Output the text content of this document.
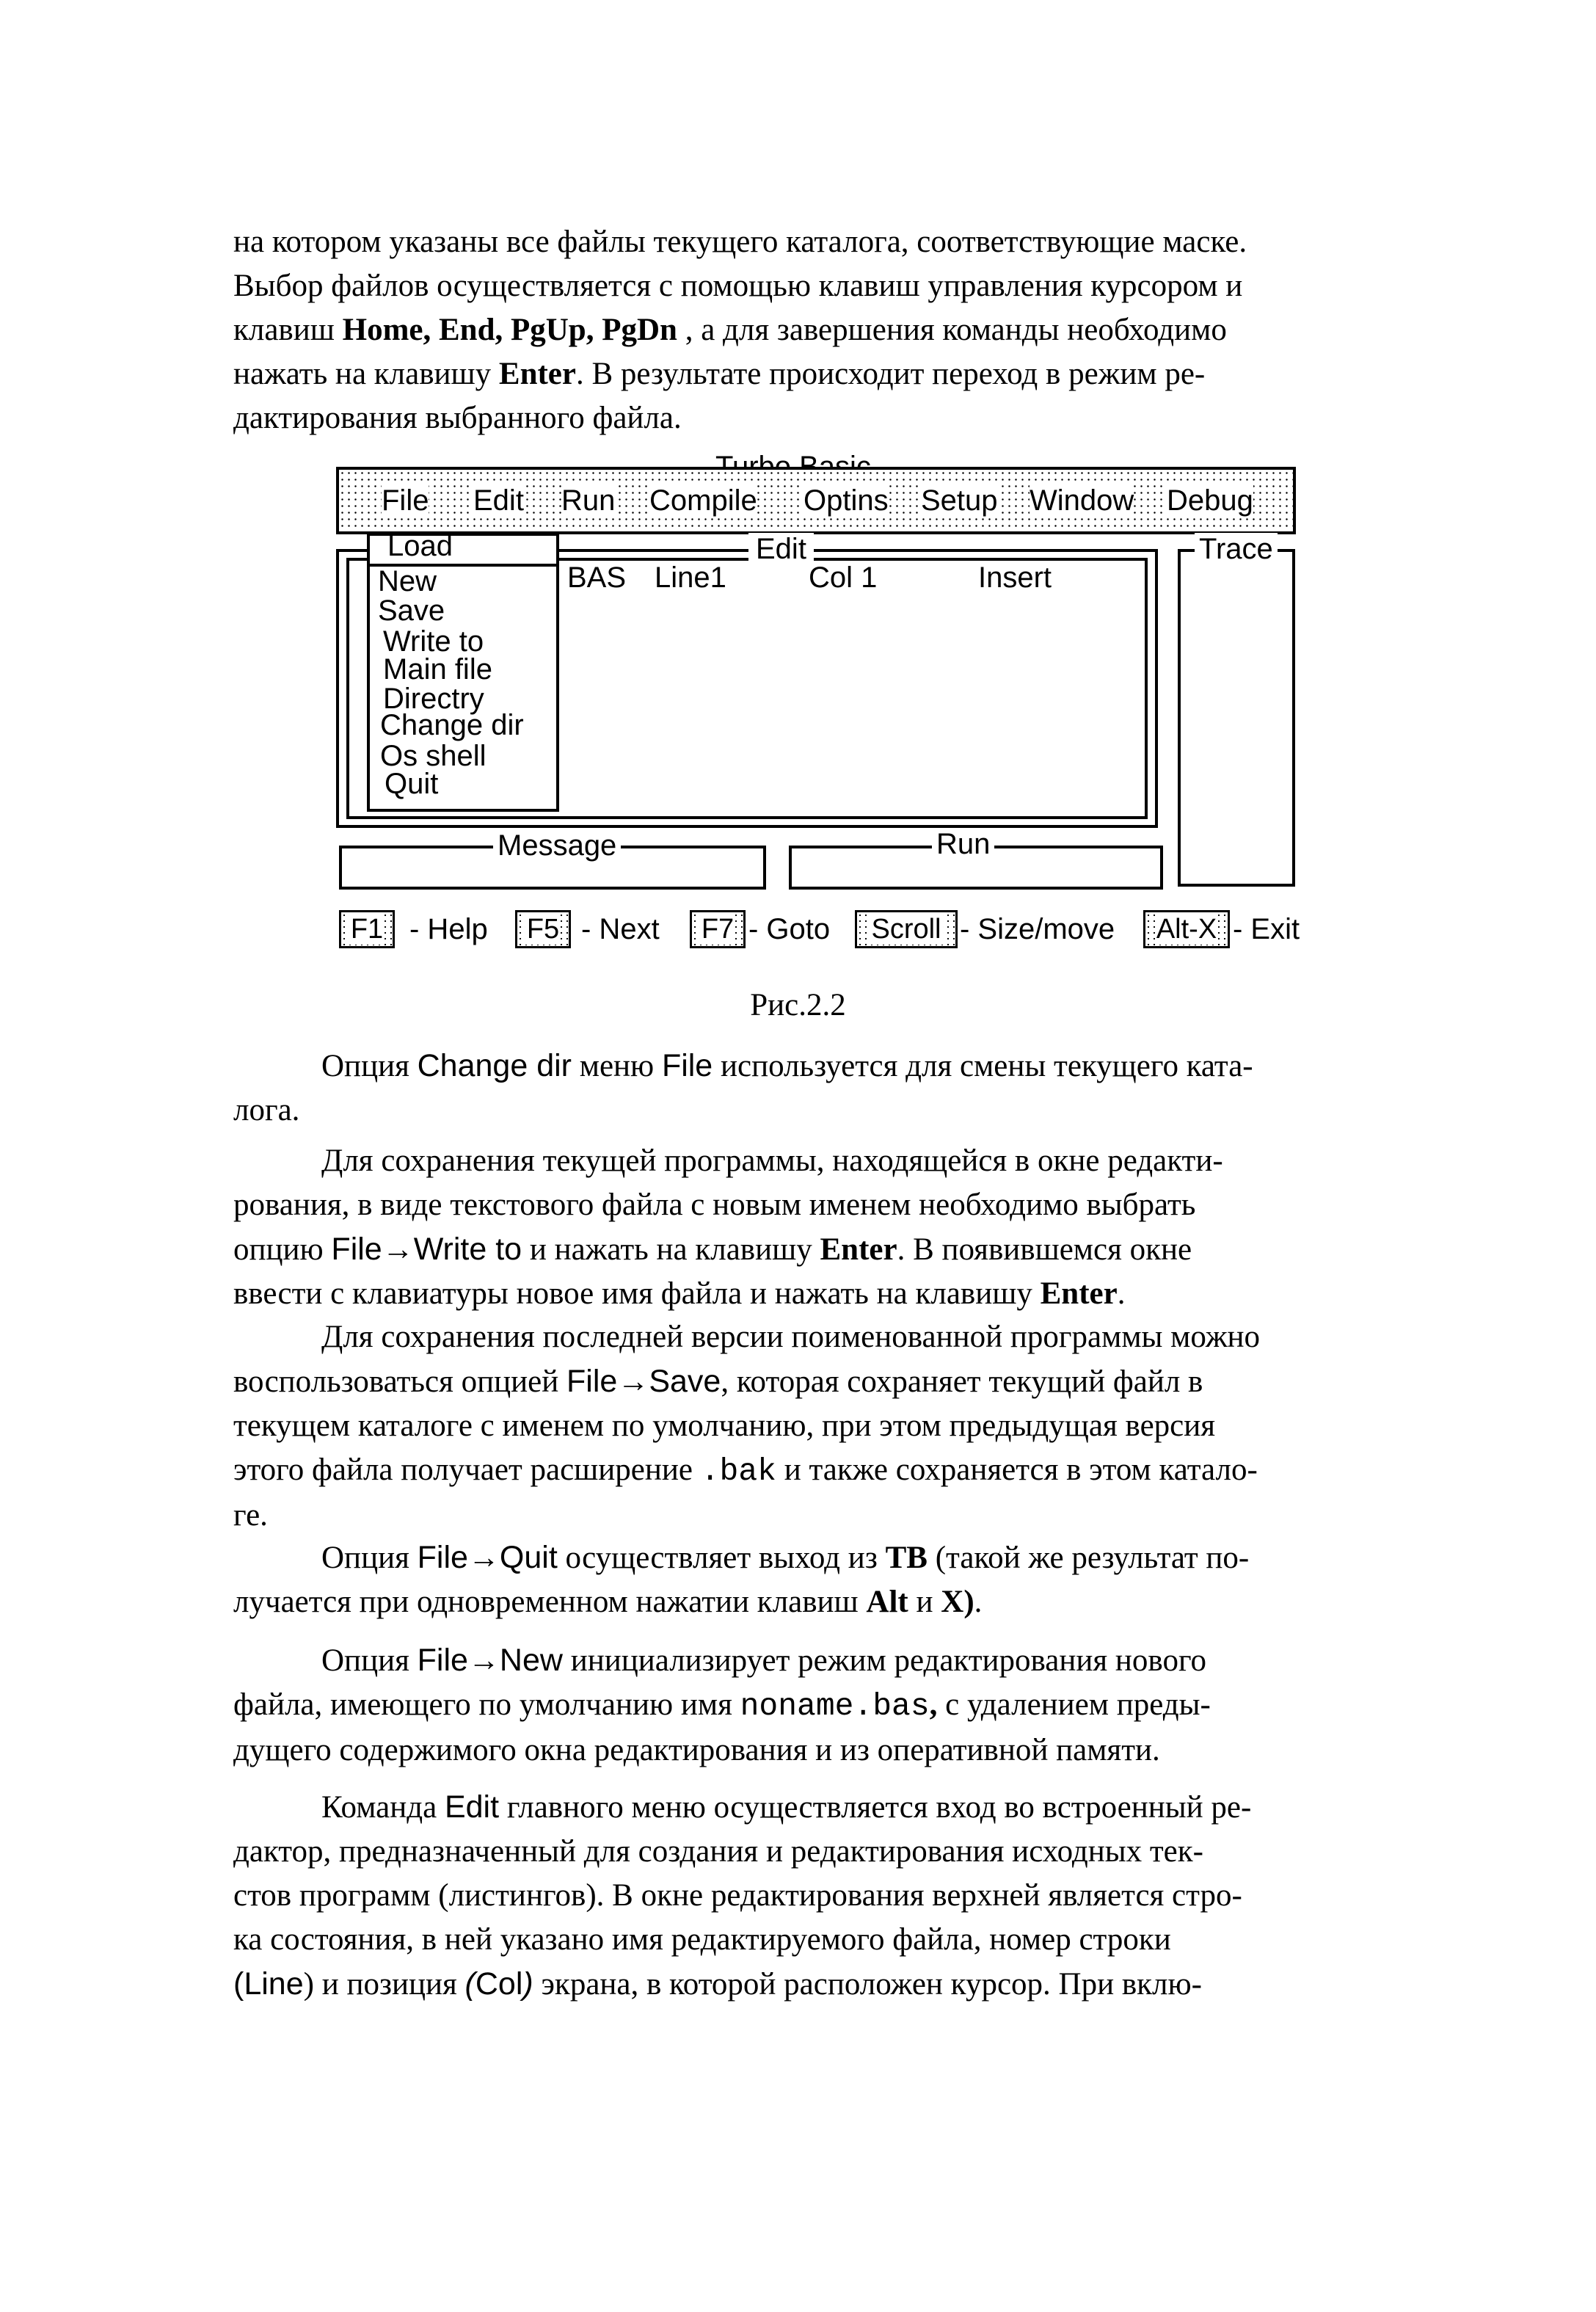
на котором указаны все файлы текущего каталога, соответствующие маске.
Выбор файлов осуществляется с помощью клавиш управления курсором и
клавиш Home, End, PgUp, PgDn , а для завершения команды необходимо
нажать на клавишу Enter. В результате происходит переход в режим ре-
дактирования выбранного файла.

File Edit Run Compile Optins Setup Window Debug
Edit
BAS Line1	Col 1	Insert
Load
New
Save
Write to
Main file
Directry
Change dir
Os shell
Quit
Trace
Message	Run
F1 - Help	F5 - Next	F7 - Goto	Scroll - Size/move	Alt-X - Exit
Рис.2.2

Опция Change dir меню File используется для смены текущего ката-
лога.

Для сохранения текущей программы, находящейся в окне редакти-
рования, в виде текстового файла с новым именем необходимо выбрать
опцию File→Write to и нажать на клавишу Enter. В появившемся окне
ввести с клавиатуры новое имя файла и нажать на клавишу Enter.

Для сохранения последней версии поименованной программы можно
воспользоваться опцией File→Save, которая сохраняет текущий файл в
текущем каталоге с именем по умолчанию, при этом предыдущая версия
этого файла получает расширение .bak и также сохраняется в этом катало-
ге.

Опция File→Quit осуществляет выход из TB (такой же результат по-
лучается при одновременном нажатии клавиш Alt и X).

Опция File→New инициализирует режим редактирования нового
файла, имеющего по умолчанию имя noname.bas, с удалением преды-
дущего содержимого окна редактирования и из оперативной памяти.

Команда Edit главного меню осуществляется вход во встроенный ре-
дактор, предназначенный для создания и редактирования исходных тек-
стов программ (листингов). В окне редактирования верхней является стро-
ка состояния, в ней указано имя редактируемого файла, номер строки
(Line) и позиция (Col) экрана, в которой расположен курсор. При вклю-
